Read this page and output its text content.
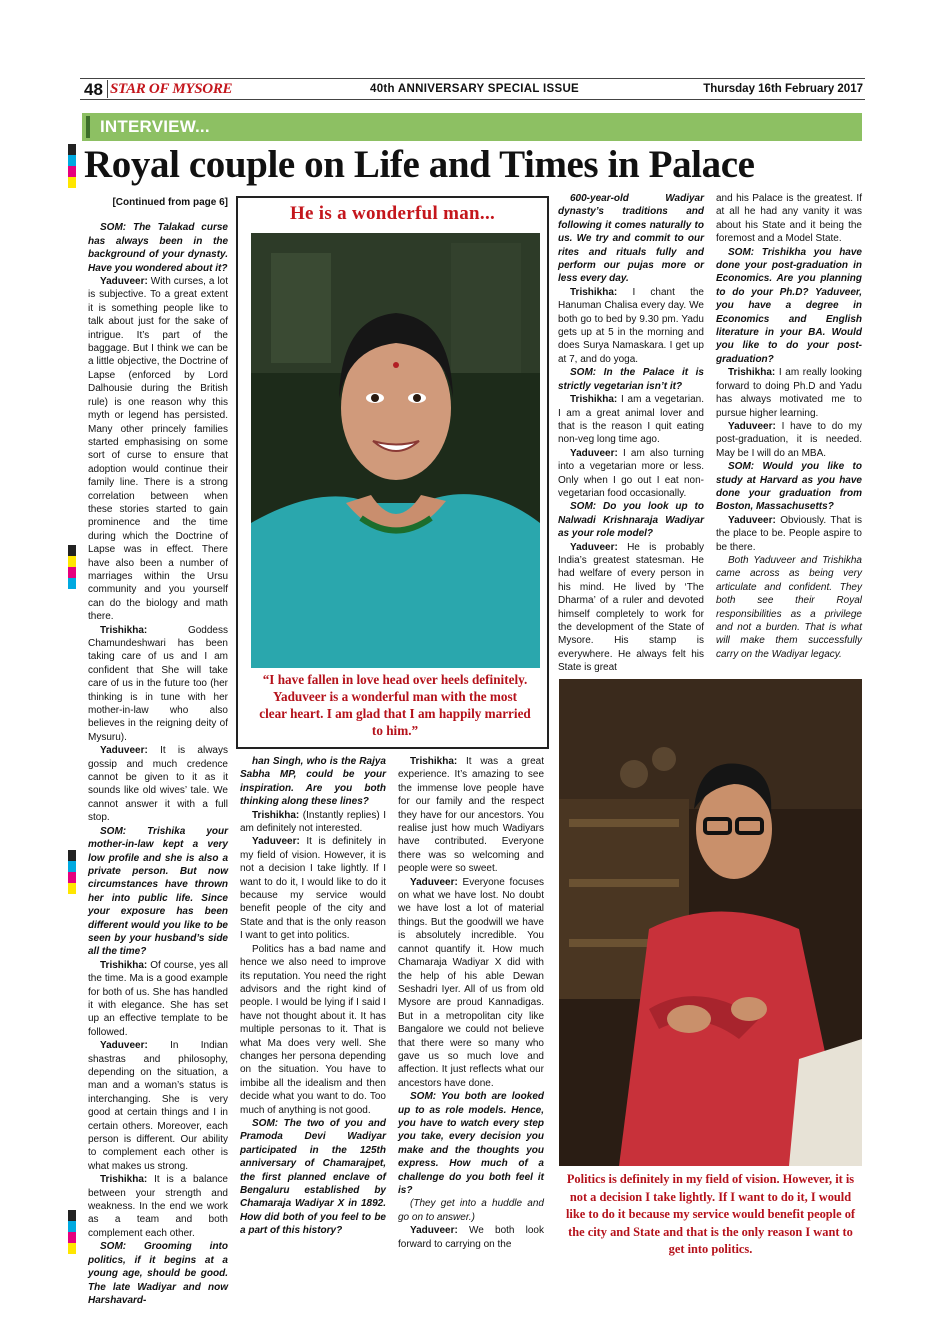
48 STAR OF MYSORE	40th ANNIVERSARY SPECIAL ISSUE	Thursday 16th February 2017
INTERVIEW...
Royal couple on Life and Times in Palace

[Continued from page 6]

SOM: The Talakad curse has always been in the background of your dynasty. Have you wondered about it?

Yaduveer: With curses, a lot is subjective. To a great extent it is something people like to talk about just for the sake of intrigue. It’s part of the baggage. But I think we can be a little objective, the Doctrine of Lapse (enforced by Lord Dalhousie during the British rule) is one reason why this myth or legend has persisted. Many other princely families started emphasising on some sort of curse to ensure that adoption would continue their family line. There is a strong correlation between when these stories started to gain prominence and the time during which the Doctrine of Lapse was in effect. There have also been a number of marriages within the Ursu community and you yourself can do the biology and math there.

Trishikha: Goddess Chamundeshwari has been taking care of us and I am confident that She will take care of us in the future too (her thinking is in tune with her mother-in-law who also believes in the reigning deity of Mysuru).

Yaduveer: It is always gossip and much credence cannot be given to it as it sounds like old wives’ tale. We cannot answer it with a full stop.

SOM: Trishika your mother-in-law kept a very low profile and she is also a private person. But now circumstances have thrown her into public life. Since your exposure has been different would you like to be seen by your husband’s side all the time?

Trishikha: Of course, yes all the time. Ma is a good example for both of us. She has handled it with elegance. She has set up an effective template to be followed.

Yaduveer: In Indian shastras and philosophy, depending on the situation, a man and a woman’s status is interchanging. She is very good at certain things and I in certain others. Moreover, each person is different. Our ability to complement each other is what makes us strong.

Trishikha: It is a balance between your strength and weakness. In the end we work as a team and both complement each other.

SOM: Grooming into politics, if it begins at a young age, should be good. The late Wadiyar and now Harshavard-

He is a wonderful man...
“I have fallen in love head over heels definitely. Yaduveer is a wonderful man with the most clear heart. I am glad that I am happily married to him.”

han Singh, who is the Rajya Sabha MP, could be your inspiration. Are you both thinking along these lines?

Trishikha: (Instantly replies) I am definitely not interested.

Yaduveer: It is definitely in my field of vision. However, it is not a decision I take lightly. If I want to do it, I would like to do it because my service would benefit people of the city and State and that is the only reason I want to get into politics.

Politics has a bad name and hence we also need to improve its reputation. You need the right advisors and the right kind of people. I would be lying if I said I have not thought about it. It has multiple personas to it. That is what Ma does very well. She changes her persona depending on the situation. You have to imbibe all the idealism and then decide what you want to do. Too much of anything is not good.

SOM: The two of you and Pramoda Devi Wadiyar participated in the 125th anniversary of Chamarajpet, the first planned enclave of Bengaluru established by Chamaraja Wadiyar X in 1892. How did both of you feel to be a part of this history?

Trishikha: It was a great experience. It’s amazing to see the immense love people have for our family and the respect they have for our ancestors. You realise just how much Wadiyars have contributed. Everyone there was so welcoming and people were so sweet.

Yaduveer: Everyone focuses on what we have lost. No doubt we have lost a lot of material things. But the goodwill we have is absolutely incredible. You cannot quantify it. How much Chamaraja Wadiyar X did with the help of his able Dewan Seshadri Iyer. All of us from old Mysore are proud Kannadigas. But in a metropolitan city like Bangalore we could not believe that there were so many who gave us so much love and affection. It just reflects what our ancestors have done.

SOM: You both are looked up to as role models. Hence, you have to watch every step you take, every decision you make and the thoughts you express. How much of a challenge do you both feel it is?

(They get into a huddle and go on to answer.)

Yaduveer: We both look forward to carrying on the

600-year-old Wadiyar dynasty’s traditions and following it comes naturally to us. We try and commit to our rites and rituals fully and perform our pujas more or less every day.

Trishikha: I chant the Hanuman Chalisa every day. We both go to bed by 9.30 pm. Yadu gets up at 5 in the morning and does Surya Namaskara. I get up at 7, and do yoga.

SOM: In the Palace it is strictly vegetarian isn’t it?

Trishikha: I am a vegetarian. I am a great animal lover and that is the reason I quit eating non-veg long time ago.

Yaduveer: I am also turning into a vegetarian more or less. Only when I go out I eat non-vegetarian food occasionally.

SOM: Do you look up to Nalwadi Krishnaraja Wadiyar as your role model?

Yaduveer: He is probably India’s greatest statesman. He had welfare of every person in his mind. He lived by ‘The Dharma’ of a ruler and devoted himself completely to work for the development of the State of Mysore. His stamp is everywhere. He always felt his State is great

and his Palace is the greatest. If at all he had any vanity it was about his State and it being the foremost and a Model State.

SOM: Trishikha you have done your post-graduation in Economics. Are you planning to do your Ph.D? Yaduveer, you have a degree in Economics and English literature in your BA. Would you like to do your post-graduation?

Trishikha: I am really looking forward to doing Ph.D and Yadu has always motivated me to pursue higher learning.

Yaduveer: I have to do my post-graduation, it is needed. May be I will do an MBA.

SOM: Would you like to study at Harvard as you have done your graduation from Boston, Massachusetts?

Yaduveer: Obviously. That is the place to be. People aspire to be there.

Both Yaduveer and Trishikha came across as being very articulate and confident. They both see their Royal responsibilities as a privilege and not a burden. That is what will make them successfully carry on the Wadiyar legacy.

Politics is definitely in my field of vision. However, it is not a decision I take lightly. If I want to do it, I would like to do it because my service would benefit people of the city and State and that is the only reason I want to get into politics.
